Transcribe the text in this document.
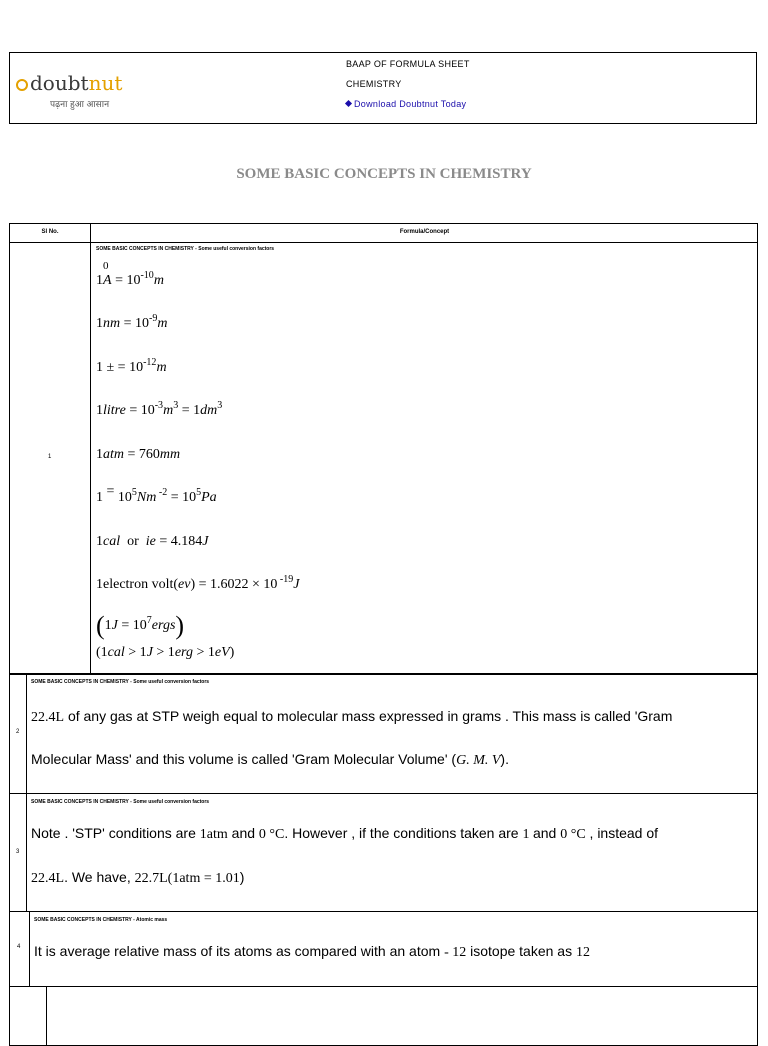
doubtnut
पढ़ना हुआ आसान
BAAP OF FORMULA SHEET
CHEMISTRY
Download Doubtnut Today
SOME BASIC CONCEPTS IN CHEMISTRY
Sl No.	Formula/Concept
1
SOME BASIC CONCEPTS IN CHEMISTRY - Some useful conversion factors
0
$1A = 10^{-10}m$
$1nm = 10^{-9}m$
1 ± = $10^{-12}m$
1litre = $10^{-3}m^3 = 1dm^3$
1atm = 760mm
$1 = 10^5Nm$ $^{-2} = 10^5Pa$
1cal  or  ie = 4.184J
1electron volt(ev) = 1.6022 × 10 $^{-19}$J
$(1J = 10^7ergs)$
(1cal > 1J > 1erg > 1eV)
2
SOME BASIC CONCEPTS IN CHEMISTRY - Some useful conversion factors
22.4L of any gas at STP weigh equal to molecular mass expressed in grams . This mass is called 'Gram
Molecular Mass' and this volume is called 'Gram Molecular Volume' (G. M. V).
3
SOME BASIC CONCEPTS IN CHEMISTRY - Some useful conversion factors
Note . 'STP' conditions are 1atm and 0 °C. However , if the conditions taken are 1 and 0 °C , instead of
22.4L. We have, 22.7L(1atm = 1.01)
4
SOME BASIC CONCEPTS IN CHEMISTRY - Atomic mass
It is average relative mass of its atoms as compared with an atom - 12 isotope taken as 12
